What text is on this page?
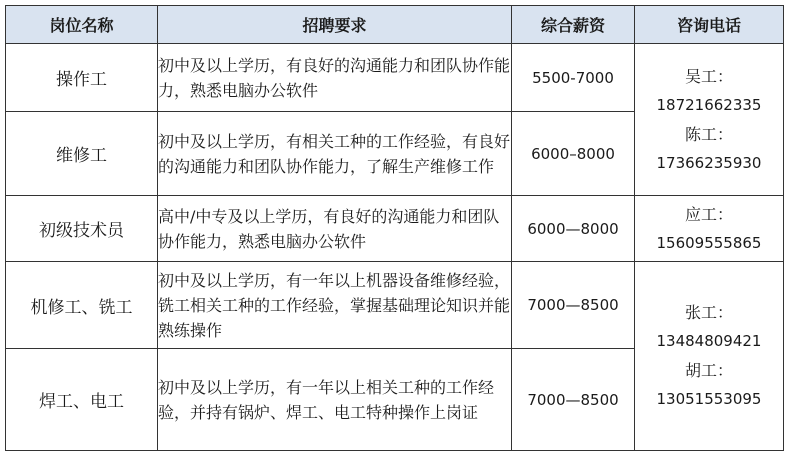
岗位名称	招聘要求	综合薪资	咨询电话
操作工	初中及以上学历，有良好的沟通能力和团队协作能力，熟悉电脑办公软件	5500-7000	吴工：
18721662335
陈工：
17366235930

维修工	初中及以上学历，有相关工种的工作经验，有良好的沟通能力和团队协作能力，了解生产维修工作	6000–8000	
初级技术员	高中/中专及以上学历，有良好的沟通能力和团队协作能力，熟悉电脑办公软件	6000—8000	应工：
15609555865

机修工、铣工	初中及以上学历，有一年以上机器设备维修经验，铣工相关工种的工作经验，掌握基础理论知识并能熟练操作	7000—8500	张工：
13484809421
胡工：
13051553095

焊工、电工	初中及以上学历，有一年以上相关工种的工作经验，并持有锅炉、焊工、电工特种操作上岗证	7000—8500	
